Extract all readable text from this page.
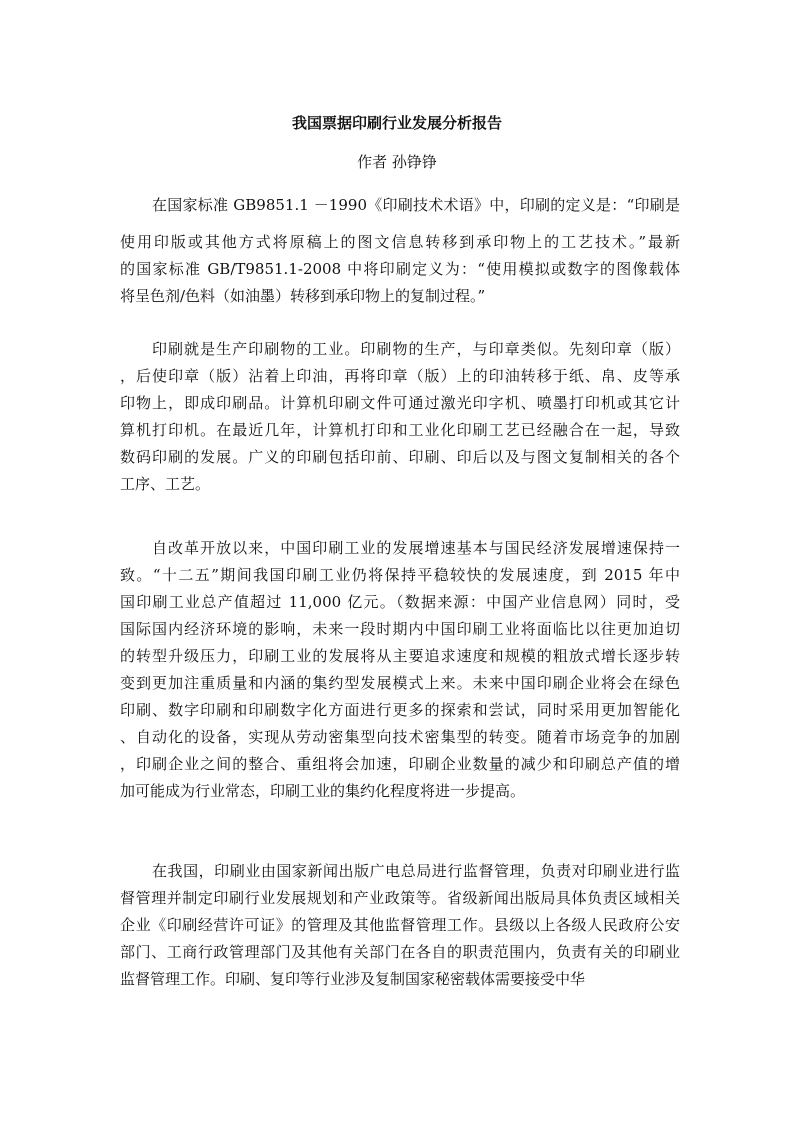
我国票据印刷行业发展分析报告
作者 孙铮铮
在国家标准 GB9851.1 －1990《印刷技术术语》中，印刷的定义是：“印刷是
使用印版或其他方式将原稿上的图文信息转移到承印物上的工艺技术。”最新
的国家标准 GB/T9851.1-2008 中将印刷定义为：“使用模拟或数字的图像载体
将呈色剂/色料（如油墨）转移到承印物上的复制过程。”
印刷就是生产印刷物的工业。印刷物的生产，与印章类似。先刻印章（版）
，后使印章（版）沾着上印油，再将印章（版）上的印油转移于纸、帛、皮等承
印物上，即成印刷品。计算机印刷文件可通过激光印字机、喷墨打印机或其它计
算机打印机。在最近几年，计算机打印和工业化印刷工艺已经融合在一起，导致
数码印刷的发展。广义的印刷包括印前、印刷、印后以及与图文复制相关的各个
工序、工艺。
自改革开放以来，中国印刷工业的发展增速基本与国民经济发展增速保持一
致。“十二五”期间我国印刷工业仍将保持平稳较快的发展速度，到 2015 年中
国印刷工业总产值超过 11,000 亿元。（数据来源：中国产业信息网）同时，受
国际国内经济环境的影响，未来一段时期内中国印刷工业将面临比以往更加迫切
的转型升级压力，印刷工业的发展将从主要追求速度和规模的粗放式增长逐步转
变到更加注重质量和内涵的集约型发展模式上来。未来中国印刷企业将会在绿色
印刷、数字印刷和印刷数字化方面进行更多的探索和尝试，同时采用更加智能化
、自动化的设备，实现从劳动密集型向技术密集型的转变。随着市场竞争的加剧
，印刷企业之间的整合、重组将会加速，印刷企业数量的减少和印刷总产值的增
加可能成为行业常态，印刷工业的集约化程度将进一步提高。
在我国，印刷业由国家新闻出版广电总局进行监督管理，负责对印刷业进行监
督管理并制定印刷行业发展规划和产业政策等。省级新闻出版局具体负责区域相关
企业《印刷经营许可证》的管理及其他监督管理工作。县级以上各级人民政府公安
部门、工商行政管理部门及其他有关部门在各自的职责范围内，负责有关的印刷业
监督管理工作。印刷、复印等行业涉及复制国家秘密载体需要接受中华
